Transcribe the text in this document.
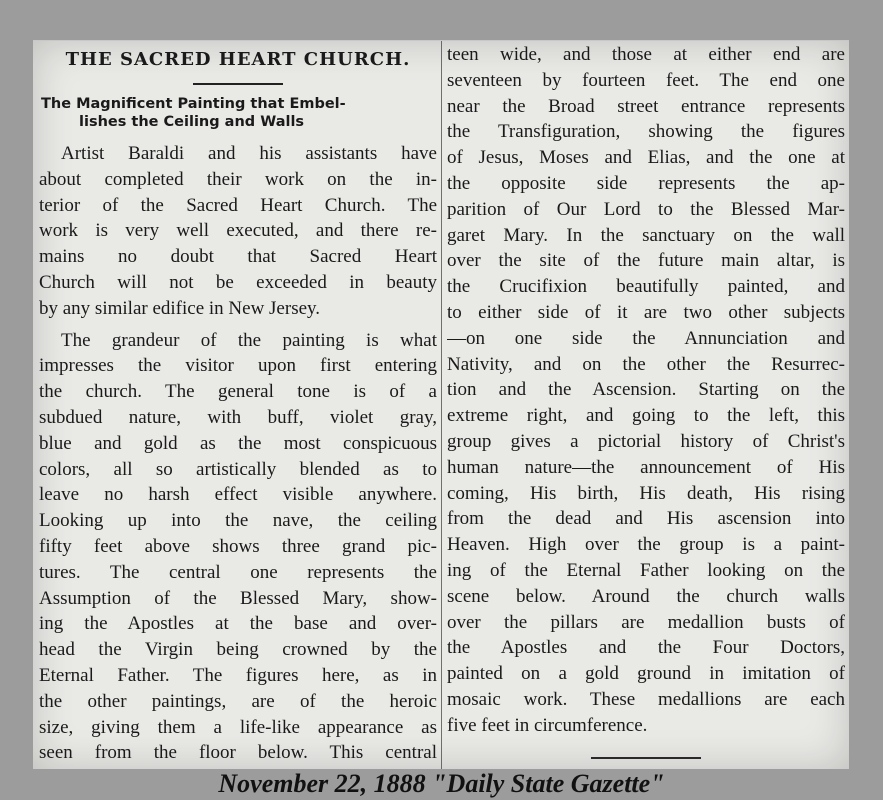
THE SACRED HEART CHURCH.
The Magnificent Painting that Embel-
lishes the Ceiling and Walls
Artist Baraldi and his assistants have
about completed their work on the in-
terior of the Sacred Heart Church. The
work is very well executed, and there re-
mains no doubt that Sacred Heart
Church will not be exceeded in beauty
by any similar edifice in New Jersey.
The grandeur of the painting is what
impresses the visitor upon first entering
the church. The general tone is of a
subdued nature, with buff, violet gray,
blue and gold as the most conspicuous
colors, all so artistically blended as to
leave no harsh effect visible anywhere.
Looking up into the nave, the ceiling
fifty feet above shows three grand pic-
tures. The central one represents the
Assumption of the Blessed Mary, show-
ing the Apostles at the base and over-
head the Virgin being crowned by the
Eternal Father. The figures here, as in
the other paintings, are of the heroic
size, giving them a life-like appearance as
seen from the floor below. This central
teen wide, and those at either end are
seventeen by fourteen feet. The end one
near the Broad street entrance represents
the Transfiguration, showing the figures
of Jesus, Moses and Elias, and the one at
the opposite side represents the ap-
parition of Our Lord to the Blessed Mar-
garet Mary. In the sanctuary on the wall
over the site of the future main altar, is
the Crucifixion beautifully painted, and
to either side of it are two other subjects
—on one side the Annunciation and
Nativity, and on the other the Resurrec-
tion and the Ascension. Starting on the
extreme right, and going to the left, this
group gives a pictorial history of Christ's
human nature—the announcement of His
coming, His birth, His death, His rising
from the dead and His ascension into
Heaven. High over the group is a paint-
ing of the Eternal Father looking on the
scene below. Around the church walls
over the pillars are medallion busts of
the Apostles and the Four Doctors,
painted on a gold ground in imitation of
mosaic work. These medallions are each
five feet in circumference.
November 22, 1888 "Daily State Gazette"
